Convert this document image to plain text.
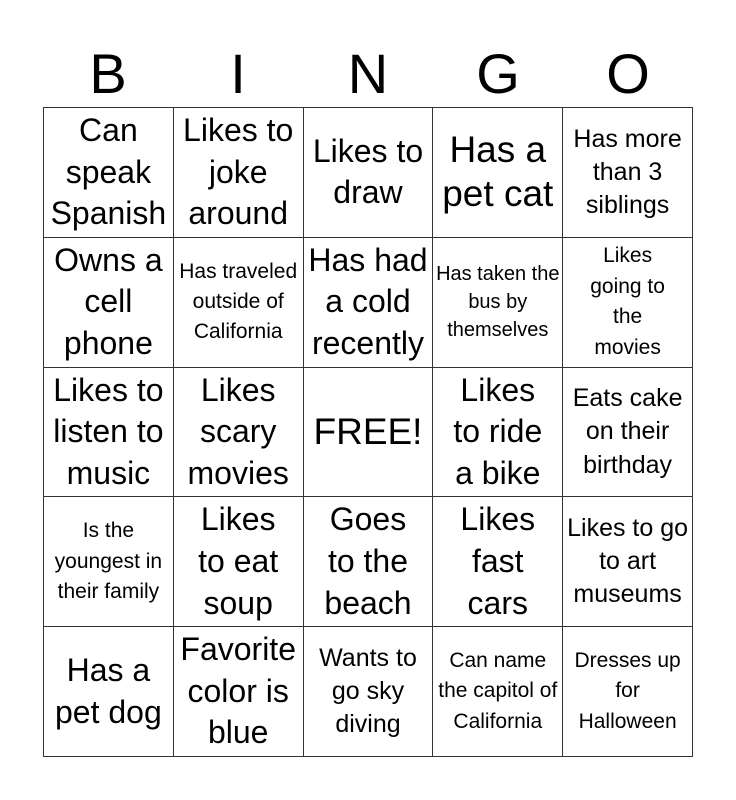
B	I	N	G	O
Can speak Spanish
Likes to joke around
Likes to draw
Has a pet cat
Has more than 3 siblings
Owns a cell phone
Has traveled outside of California
Has had a cold recently
Has taken the bus by themselves
Likes going to the movies
Likes to listen to music
Likes scary movies
FREE!
Likes to ride a bike
Eats cake on their birthday
Is the youngest in their family
Likes to eat soup
Goes to the beach
Likes fast cars
Likes to go to art museums
Has a pet dog
Favorite color is blue
Wants to go sky diving
Can name the capitol of California
Dresses up for Halloween
